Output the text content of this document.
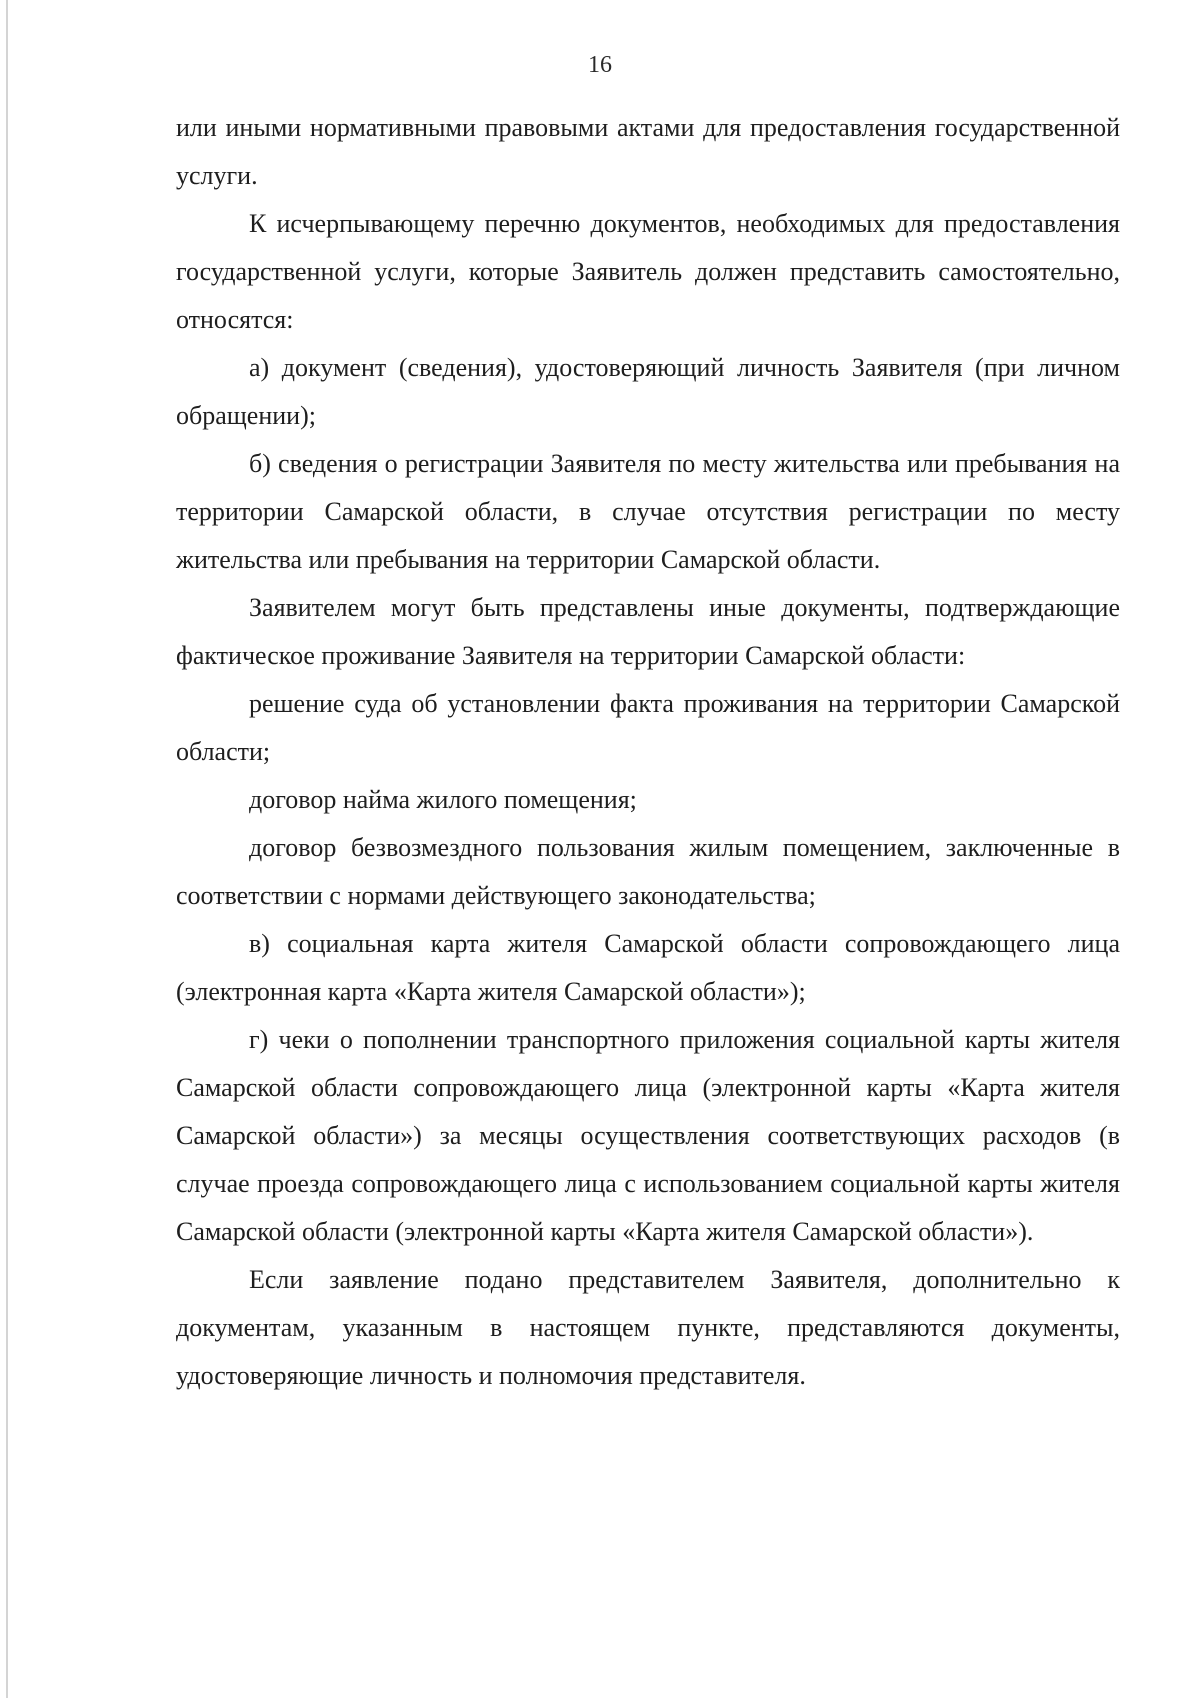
16

или иными нормативными правовыми актами для предоставления государственной услуги.

К исчерпывающему перечню документов, необходимых для предоставления государственной услуги, которые Заявитель должен представить самостоятельно, относятся:

а) документ (сведения), удостоверяющий личность Заявителя (при личном обращении);

б) сведения о регистрации Заявителя по месту жительства или пребывания на территории Самарской области, в случае отсутствия регистрации по месту жительства или пребывания на территории Самарской области.

Заявителем могут быть представлены иные документы, подтверждающие фактическое проживание Заявителя на территории Самарской области:

решение суда об установлении факта проживания на территории Самарской области;

договор найма жилого помещения;

договор безвозмездного пользования жилым помещением, заключенные в соответствии с нормами действующего законодательства;

в) социальная карта жителя Самарской области сопровождающего лица (электронная карта «Карта жителя Самарской области»);

г) чеки о пополнении транспортного приложения социальной карты жителя Самарской области сопровождающего лица (электронной карты «Карта жителя Самарской области») за месяцы осуществления соответствующих расходов (в случае проезда сопровождающего лица с использованием социальной карты жителя Самарской области (электронной карты «Карта жителя Самарской области»).

Если заявление подано представителем Заявителя, дополнительно к документам, указанным в настоящем пункте, представляются документы, удостоверяющие личность и полномочия представителя.
